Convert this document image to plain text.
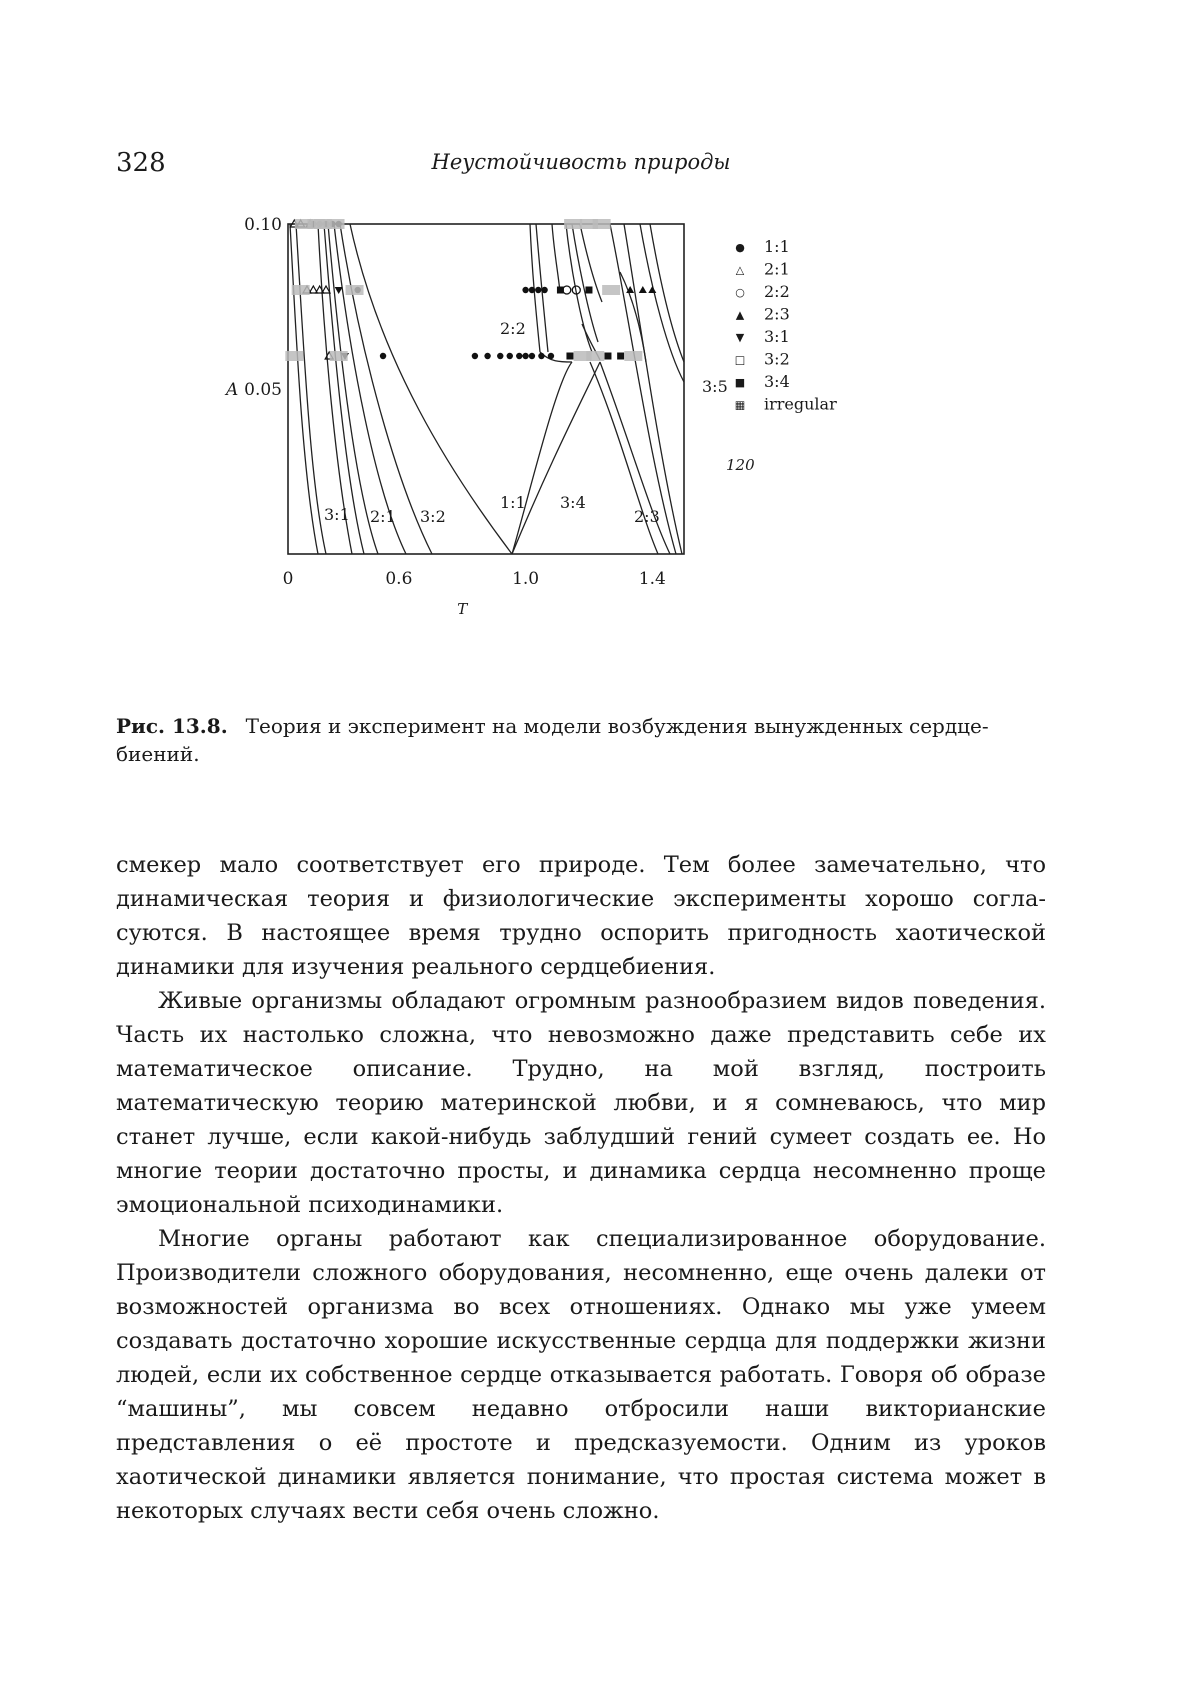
328	Неустойчивость природы
0	0.6	1.0	1.4
0.10
0.05
A
T
3:1 2:1 3:2
1:1 3:4
2:3
2:2
3:5
120
● 1:1
△ 2:1
○ 2:2
▲ 2:3
▼ 3:1
□ 3:2
■ 3:4
▦ irregular
Рис. 13.8. Теория и эксперимент на модели возбуждения вынужденных сердцебиений.

смекер мало соответствует его природе. Тем более замечательно, что динамическая теория и физиологические эксперименты хорошо согласуются. В настоящее время трудно оспорить пригодность хаотической динамики для изучения реального сердцебиения.

Живые организмы обладают огромным разнообразием видов поведения. Часть их настолько сложна, что невозможно даже представить себе их математическое описание. Трудно, на мой взгляд, построить математическую теорию материнской любви, и я сомневаюсь, что мир станет лучше, если какой-нибудь заблудший гений сумеет создать ее. Но многие теории достаточно просты, и динамика сердца несомненно проще эмоциональной психодинамики.

Многие органы работают как специализированное оборудование. Производители сложного оборудования, несомненно, еще очень далеки от возможностей организма во всех отношениях. Однако мы уже умеем создавать достаточно хорошие искусственные сердца для поддержки жизни людей, если их собственное сердце отказывается работать. Говоря об образе “машины”, мы совсем недавно отбросили наши викторианские представления о её простоте и предсказуемости. Одним из уроков хаотической динамики является понимание, что простая система может в некоторых случаях вести себя очень сложно.
